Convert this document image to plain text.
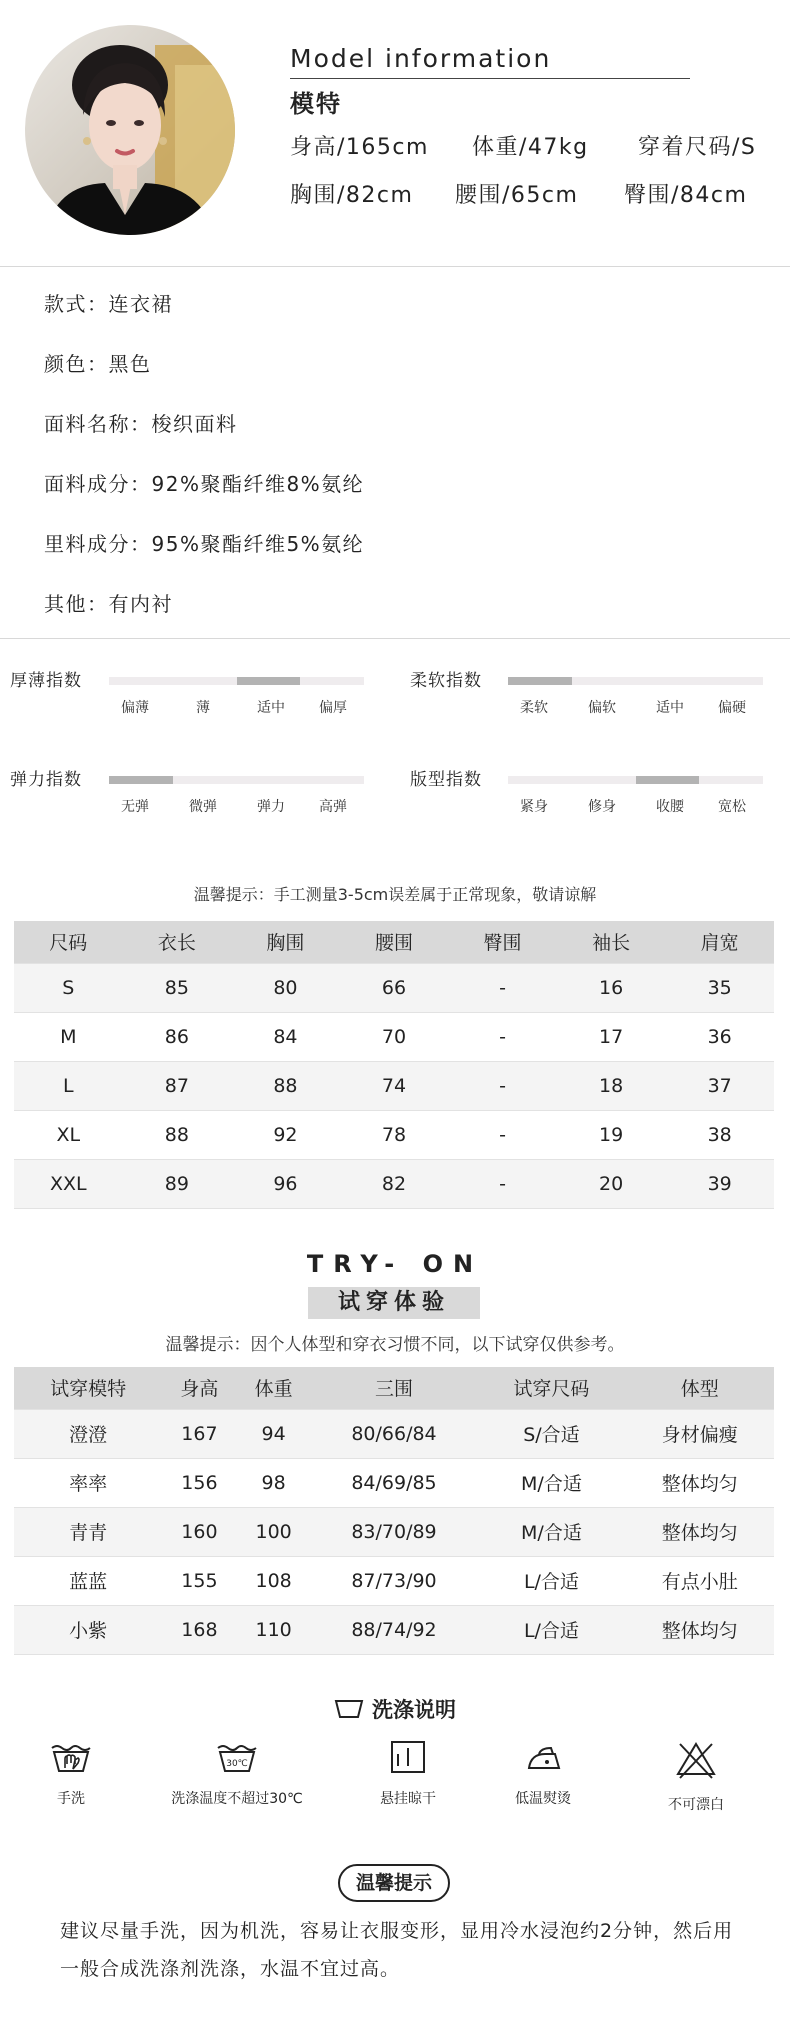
Model information
模特
身高/165cm 体重/47kg 穿着尺码/S
胸围/82cm 腰围/65cm 臀围/84cm
款式：连衣裙
颜色：黑色
面料名称：梭织面料
面料成分：92%聚酯纤维8%氨纶
里料成分：95%聚酯纤维5%氨纶
其他：有内衬
厚薄指数
偏薄	薄	适中 偏厚
柔软指数
柔软	偏软	适中 偏硬
弹力指数
无弹	微弹	弹力 高弹
版型指数
紧身	修身	收腰 宽松
温馨提示：手工测量3-5cm误差属于正常现象，敬请谅解
尺码	衣长	胸围	腰围	臀围	袖长	肩宽
S	85	80	66	-	16	35
M	86	84	70	-	17	36
L	87	88	74	-	18	37
XL	88	92	78	-	19	38
XXL	89	96	82	-	20	39
TRY- ON
试穿体验
温馨提示：因个人体型和穿衣习惯不同，以下试穿仅供参考。
试穿模特	身高	体重	三围	试穿尺码	体型
澄澄	167	94	80/66/84	S/合适	身材偏瘦
率率	156	98	84/69/85	M/合适	整体均匀
青青	160	100	83/70/89	M/合适	整体均匀
蓝蓝	155	108	87/73/90	L/合适	有点小肚
小紫	168	110	88/74/92	L/合适	整体均匀
洗涤说明
手洗
30℃
洗涤温度不超过30℃	悬挂晾干	低温熨烫	不可漂白
温馨提示
建议尽量手洗，因为机洗，容易让衣服变形，显用冷水浸泡约2分钟，然后用一般合成洗涤剂洗涤，水温不宜过高。
